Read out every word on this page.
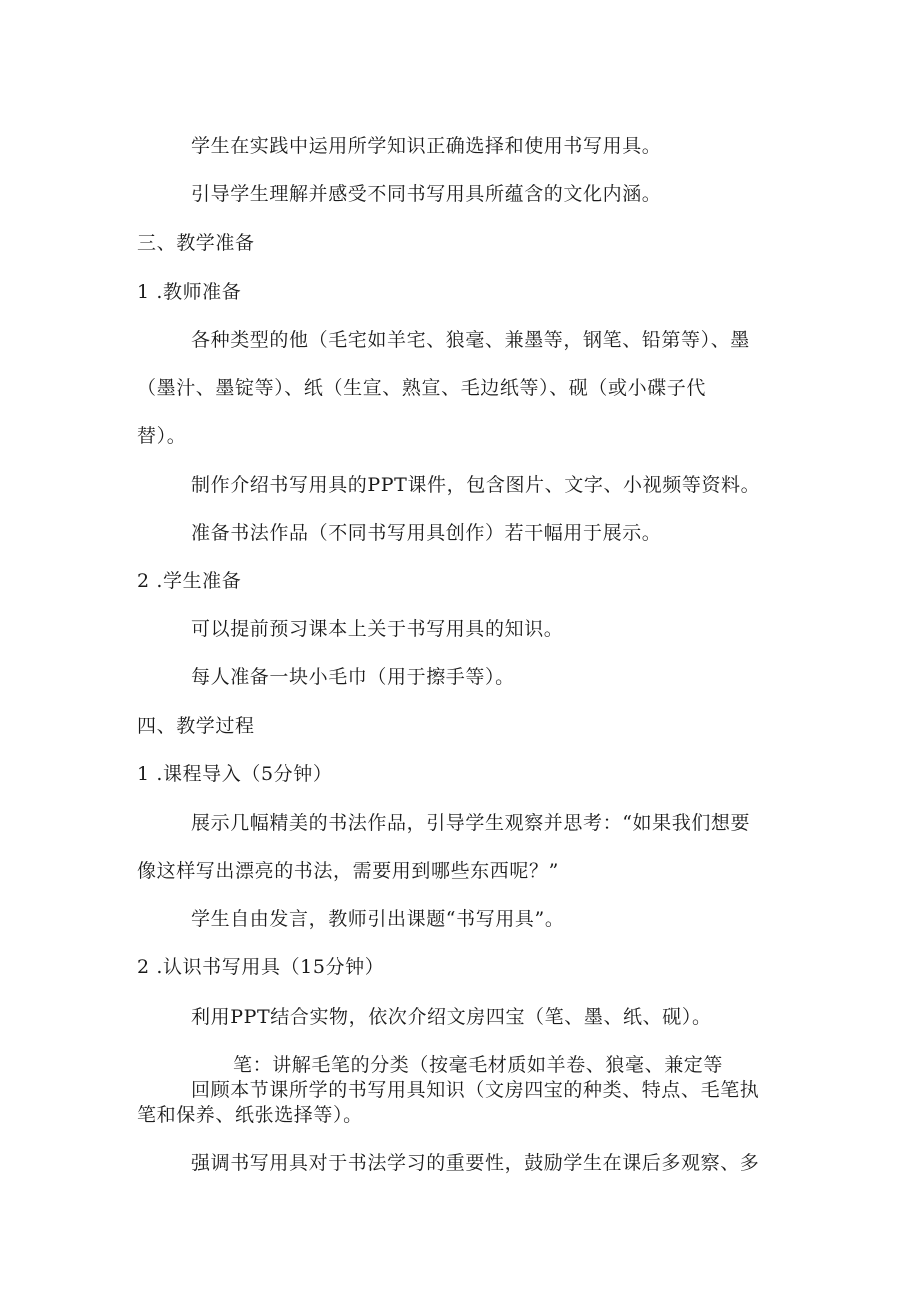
学生在实践中运用所学知识正确选择和使用书写用具。
引导学生理解并感受不同书写用具所蕴含的文化内涵。
三、教学准备
1 .教师准备
各种类型的他（毛宅如羊宅、狼毫、兼墨等，钢笔、铅第等）、墨
（墨汁、墨锭等）、纸（生宣、熟宣、毛边纸等）、砚（或小碟子代
替）。
制作介绍书写用具的PPT课件，包含图片、文字、小视频等资料。
准备书法作品（不同书写用具创作）若干幅用于展示。
2 .学生准备
可以提前预习课本上关于书写用具的知识。
每人准备一块小毛巾（用于擦手等）。
四、教学过程
1 .课程导入（5分钟）
展示几幅精美的书法作品，引导学生观察并思考：“如果我们想要
像这样写出漂亮的书法，需要用到哪些东西呢？”
学生自由发言，教师引出课题“书写用具”。
2 .认识书写用具（15分钟）
利用PPT结合实物，依次介绍文房四宝（笔、墨、纸、砚）。
笔：讲解毛笔的分类（按毫毛材质如羊卷、狼毫、兼定等
回顾本节课所学的书写用具知识（文房四宝的种类、特点、毛笔执
笔和保养、纸张选择等）。
强调书写用具对于书法学习的重要性，鼓励学生在课后多观察、多
